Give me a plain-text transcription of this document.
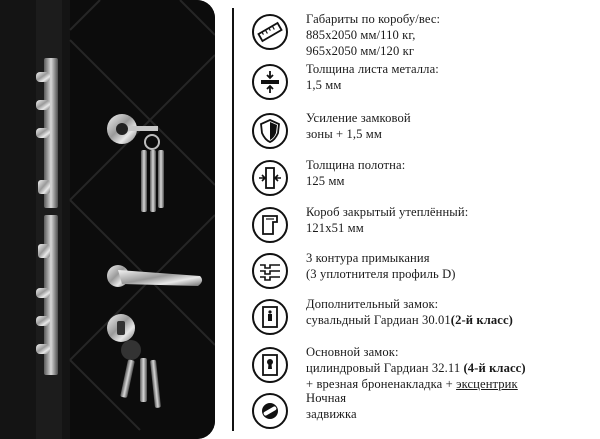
Габариты по коробу/вес:
885х2050 мм/110 кг,
965х2050 мм/120 кг
Толщина листа металла:
1,5 мм
Усиление замковой
зоны + 1,5 мм
Толщина полотна:
125 мм
Короб закрытый утеплённый:
121х51 мм
3 контура примыкания
(3 уплотнителя профиль D)
Дополнительный замок:
сувальдный Гардиан 30.01(2-й класс)
Основной замок:
цилиндровый Гардиан 32.11 (4-й класс)
+ врезная броненакладка + эксцентрик
Ночная
задвижка
